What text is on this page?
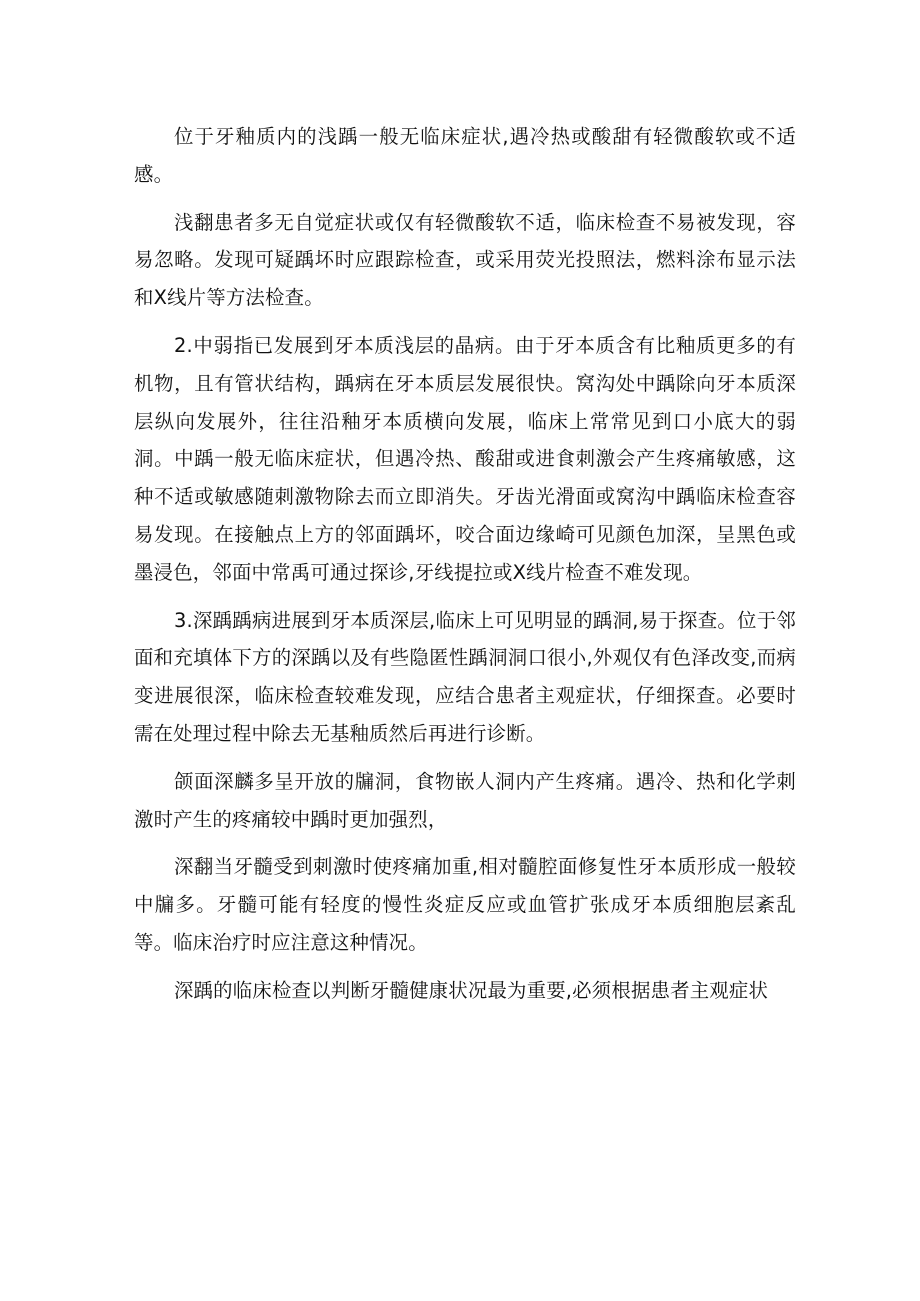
位于牙釉质内的浅踽一般无临床症状,遇冷热或酸甜有轻微酸软或不适感。

浅翻患者多无自觉症状或仅有轻微酸软不适，临床检查不易被发现，容易忽略。发现可疑踽坏时应跟踪检查，或采用荧光投照法，燃料涂布显示法和X线片等方法检查。

2.中弱指已发展到牙本质浅层的晶病。由于牙本质含有比釉质更多的有机物，且有管状结构，踽病在牙本质层发展很快。窝沟处中踽除向牙本质深层纵向发展外，往往沿釉牙本质横向发展，临床上常常见到口小底大的弱洞。中踽一般无临床症状，但遇冷热、酸甜或进食刺激会产生疼痛敏感，这种不适或敏感随刺激物除去而立即消失。牙齿光滑面或窝沟中踽临床检查容易发现。在接触点上方的邻面踽坏，咬合面边缘崎可见颜色加深，呈黑色或墨浸色，邻面中常禹可通过探诊,牙线提拉或X线片检查不难发现。

3.深踽踽病进展到牙本质深层,临床上可见明显的踽洞,易于探查。位于邻面和充填体下方的深踽以及有些隐匿性踽洞洞口很小,外观仅有色泽改变,而病变进展很深，临床检查较难发现，应结合患者主观症状，仔细探查。必要时需在处理过程中除去无基釉质然后再进行诊断。

颌面深麟多呈开放的牖洞，食物嵌人洞内产生疼痛。遇冷、热和化学刺激时产生的疼痛较中踽时更加强烈，

深翻当牙髓受到刺激时使疼痛加重,相对髓腔面修复性牙本质形成一般较中牖多。牙髓可能有轻度的慢性炎症反应或血管扩张成牙本质细胞层紊乱等。临床治疗时应注意这种情况。

深踽的临床检查以判断牙髓健康状况最为重要,必须根据患者主观症状
